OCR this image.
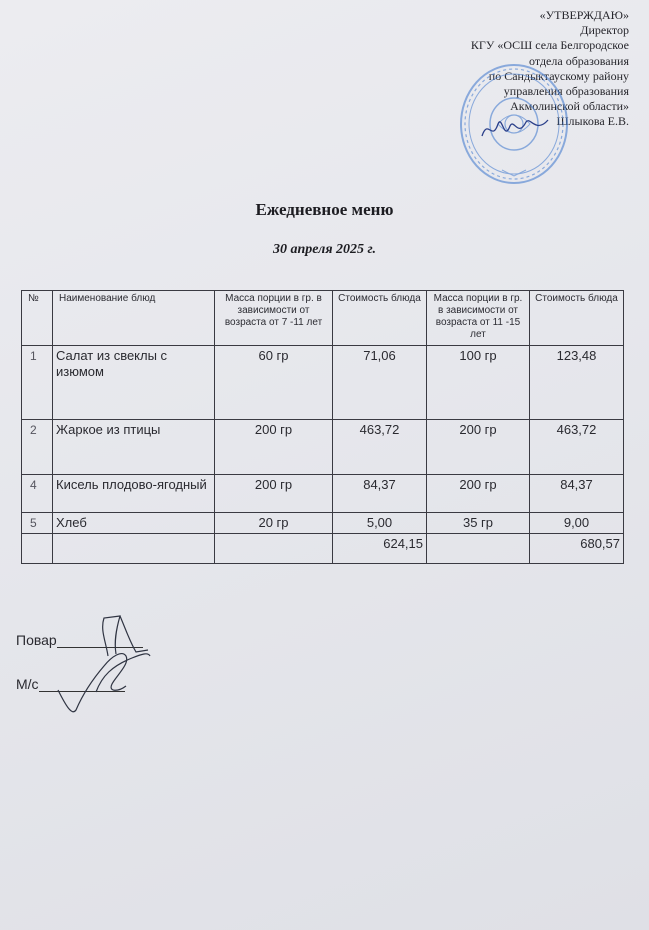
«УТВЕРЖДАЮ»
Директор
КГУ «ОСШ села Белгородское
отдела образования
по Сандыктаускому району
управления образования
Акмолинской области»
Шлыкова Е.В.
Ежедневное меню
30 апреля 2025 г.
№	Наименование блюд	Масса порции в гр. в зависимости от возраста от 7 -11 лет	Стоимость блюда	Масса порции в гр. в зависимости от возраста от 11 -15 лет	Стоимость блюда
1	Салат из свеклы с изюмом	60 гр	71,06	100 гр	123,48
2	Жаркое из птицы	200 гр	463,72	200 гр	463,72
4	Кисель плодово-ягодный	200 гр	84,37	200 гр	84,37
5	Хлеб	20 гр	5,00	35 гр	9,00
			624,15		680,57
Повар
М/с
